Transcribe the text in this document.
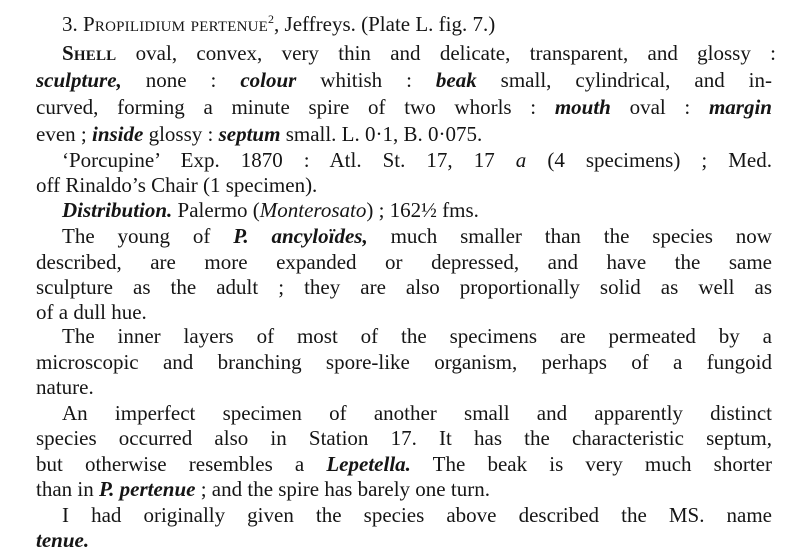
3. Propilidium pertenue$^2$, Jeffreys. (Plate L. fig. 7.)
Shell oval, convex, very thin and delicate, transparent, and glossy :
sculpture, none : colour whitish : beak small, cylindrical, and in-
curved, forming a minute spire of two whorls : mouth oval : margin
even ; inside glossy : septum small. L. 0·1, B. 0·075.
‘Porcupine’ Exp. 1870 : Atl. St. 17, 17 a (4 specimens) ; Med.
off Rinaldo’s Chair (1 specimen).
Distribution. Palermo (Monterosato) ; 162½ fms.
The young of P. ancyloïdes, much smaller than the species now
described, are more expanded or depressed, and have the same
sculpture as the adult ; they are also proportionally solid as well as
of a dull hue.
The inner layers of most of the specimens are permeated by a
microscopic and branching spore-like organism, perhaps of a fungoid
nature.
An imperfect specimen of another small and apparently distinct
species occurred also in Station 17. It has the characteristic septum,
but otherwise resembles a Lepetella. The beak is very much shorter
than in P. pertenue ; and the spire has barely one turn.
I had originally given the species above described the MS. name
tenue.
